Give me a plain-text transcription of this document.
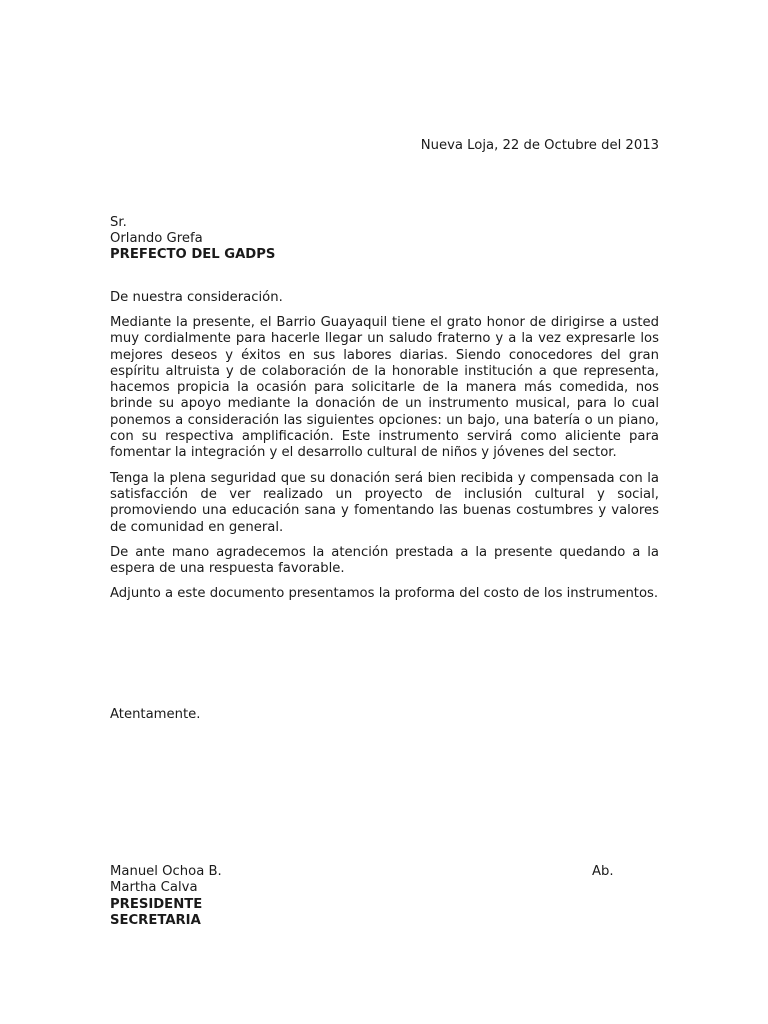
Nueva Loja, 22 de Octubre del 2013
Sr.
Orlando Grefa
PREFECTO DEL GADPS
De nuestra consideración.

Mediante la presente, el Barrio Guayaquil tiene el grato honor de dirigirse a usted muy cordialmente para hacerle llegar un saludo fraterno y a la vez expresarle los mejores deseos y éxitos en sus labores diarias. Siendo conocedores del gran espíritu altruista y de colaboración de la honorable institución a que representa, hacemos propicia la ocasión para solicitarle de la manera más comedida, nos brinde su apoyo mediante la donación de un instrumento musical, para lo cual ponemos a consideración las siguientes opciones: un bajo, una batería o un piano, con su respectiva amplificación. Este instrumento servirá como aliciente para fomentar la integración y el desarrollo cultural de niños y jóvenes del sector.

Tenga la plena seguridad que su donación será bien recibida y compensada con la satisfacción de ver realizado un proyecto de inclusión cultural y social, promoviendo una educación sana y fomentando las buenas costumbres y valores de comunidad en general.

De ante mano agradecemos la atención prestada a la presente quedando a la espera de una respuesta favorable.

Adjunto a este documento presentamos la proforma del costo de los instrumentos.

Atentamente.
Manuel Ochoa B.
Martha Calva
PRESIDENTE
SECRETARIA
Ab.
